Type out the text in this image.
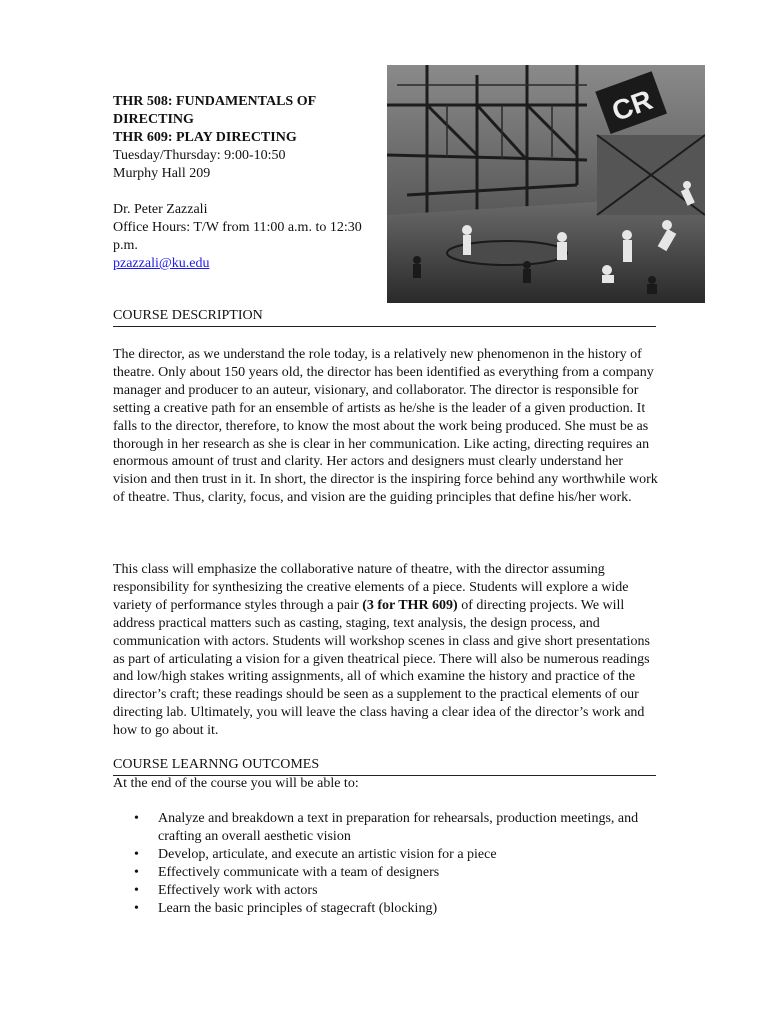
THR 508: FUNDAMENTALS OF DIRECTING
THR 609: PLAY DIRECTING
Tuesday/Thursday: 9:00-10:50
Murphy Hall 209
Dr. Peter Zazzali
Office Hours: T/W from 11:00 a.m. to 12:30 p.m.
pzazzali@ku.edu
CR
COURSE DESCRIPTION
The director, as we understand the role today, is a relatively new phenomenon in the history of theatre. Only about 150 years old, the director has been identified as everything from a company manager and producer to an auteur, visionary, and collaborator. The director is responsible for setting a creative path for an ensemble of artists as he/she is the leader of a given production. It falls to the director, therefore, to know the most about the work being produced. She must be as thorough in her research as she is clear in her communication. Like acting, directing requires an enormous amount of trust and clarity. Her actors and designers must clearly understand her vision and then trust in it. In short, the director is the inspiring force behind any worthwhile work of theatre. Thus, clarity, focus, and vision are the guiding principles that define his/her work.
This class will emphasize the collaborative nature of theatre, with the director assuming responsibility for synthesizing the creative elements of a piece. Students will explore a wide variety of performance styles through a pair (3 for THR 609) of directing projects. We will address practical matters such as casting, staging, text analysis, the design process, and communication with actors. Students will workshop scenes in class and give short presentations as part of articulating a vision for a given theatrical piece. There will also be numerous readings and low/high stakes writing assignments, all of which examine the history and practice of the director’s craft; these readings should be seen as a supplement to the practical elements of our directing lab. Ultimately, you will leave the class having a clear idea of the director’s work and how to go about it.
COURSE LEARNNG OUTCOMES
At the end of the course you will be able to:
• Analyze and breakdown a text in preparation for rehearsals, production meetings, and crafting an overall aesthetic vision
• Develop, articulate, and execute an artistic vision for a piece
• Effectively communicate with a team of designers
• Effectively work with actors
• Learn the basic principles of stagecraft (blocking)
